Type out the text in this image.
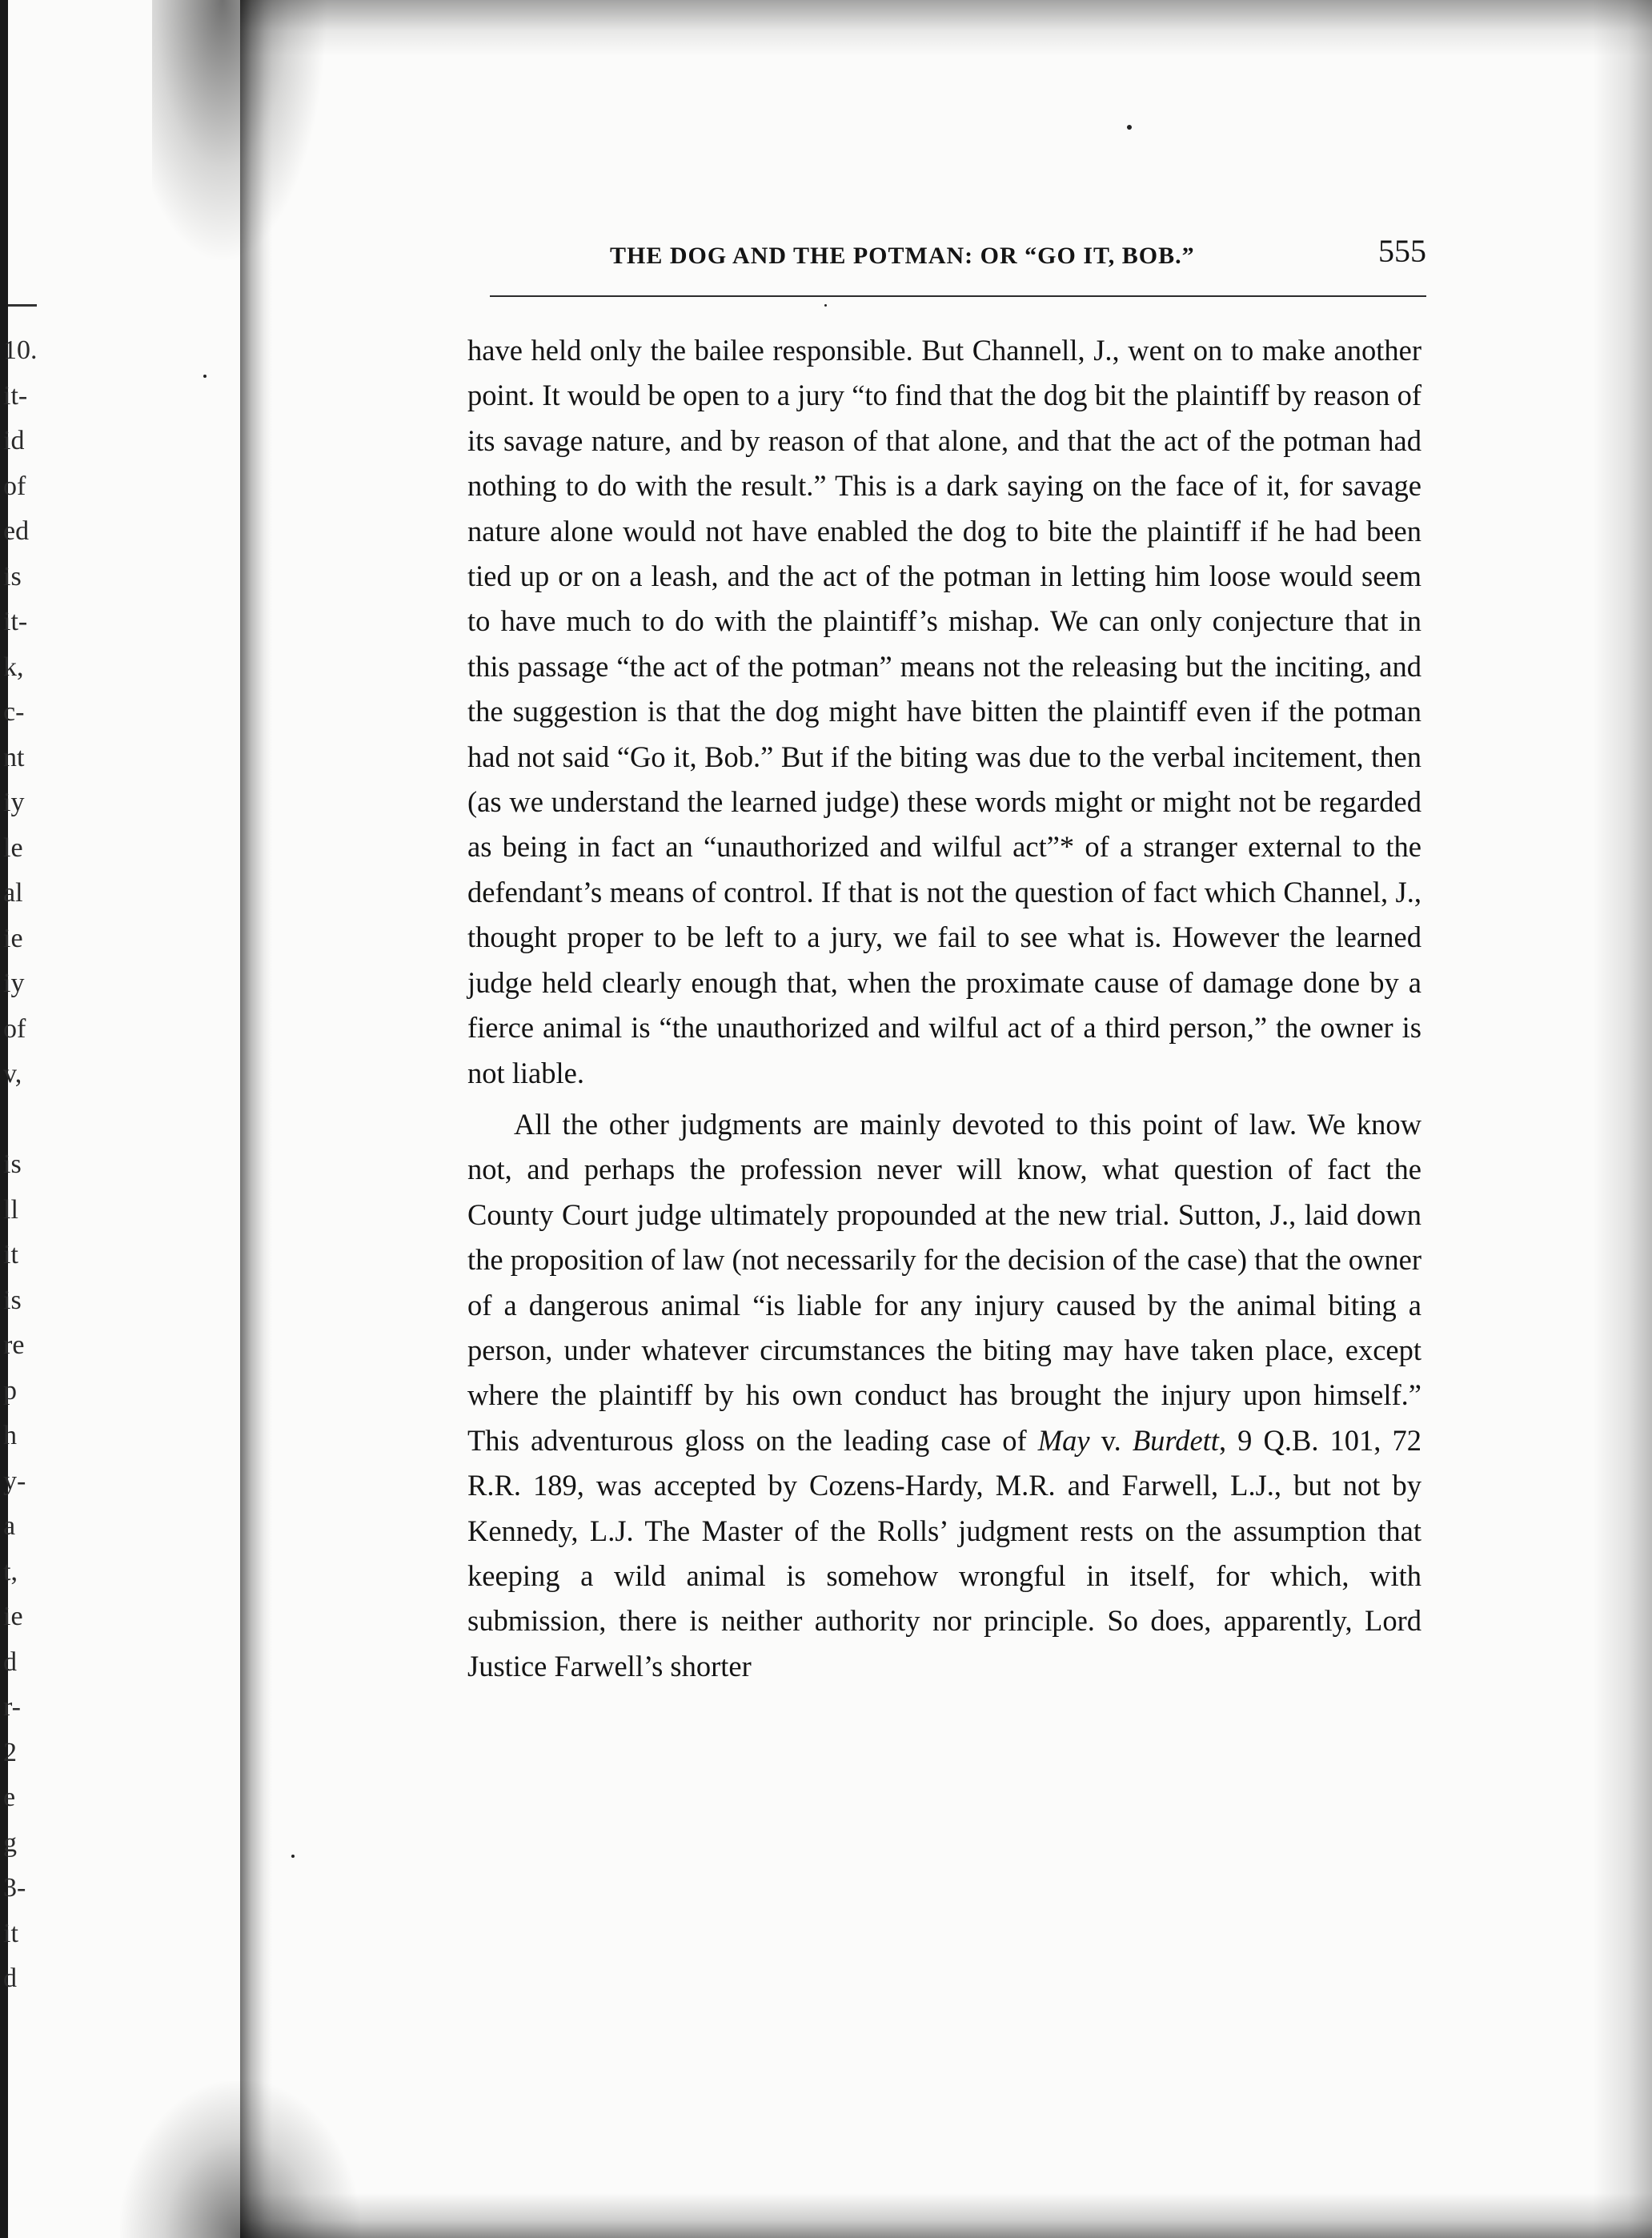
10.
it-
id
of
ed
is
it-
k,
c-
nt
iy
le
al
ie
iy
of
v,
is
ll
it
is
re
p
h
y-
a
t,
ie
d
r-
2
e
g
3-
it
d
THE DOG AND THE POTMAN: OR “GO IT, BOB.”	555

have held only the bailee responsible. But Channell, J., went on to make another point. It would be open to a jury “to find that the dog bit the plaintiff by reason of its savage nature, and by reason of that alone, and that the act of the potman had nothing to do with the result.” This is a dark saying on the face of it, for savage nature alone would not have enabled the dog to bite the plaintiff if he had been tied up or on a leash, and the act of the potman in letting him loose would seem to have much to do with the plaintiff’s mishap. We can only conjecture that in this passage “the act of the potman” means not the releasing but the inciting, and the suggestion is that the dog might have bitten the plaintiff even if the potman had not said “Go it, Bob.” But if the biting was due to the verbal incitement, then (as we understand the learned judge) these words might or might not be regarded as being in fact an “unauthorized and wilful act”* of a stranger external to the defendant’s means of control. If that is not the question of fact which Channel, J., thought proper to be left to a jury, we fail to see what is. However the learned judge held clearly enough that, when the proximate cause of damage done by a fierce animal is “the unauthorized and wilful act of a third person,” the owner is not liable.

All the other judgments are mainly devoted to this point of law. We know not, and perhaps the profession never will know, what question of fact the County Court judge ultimately propounded at the new trial. Sutton, J., laid down the proposition of law (not necessarily for the decision of the case) that the owner of a dangerous animal “is liable for any injury caused by the animal biting a person, under whatever circumstances the biting may have taken place, except where the plaintiff by his own conduct has brought the injury upon himself.” This adventurous gloss on the leading case of May v. Burdett, 9 Q.B. 101, 72 R.R. 189, was accepted by Cozens-Hardy, M.R. and Farwell, L.J., but not by Kennedy, L.J. The Master of the Rolls’ judgment rests on the assumption that keeping a wild animal is somehow wrongful in itself, for which, with submission, there is neither authority nor principle. So does, apparently, Lord Justice Farwell’s shorter
